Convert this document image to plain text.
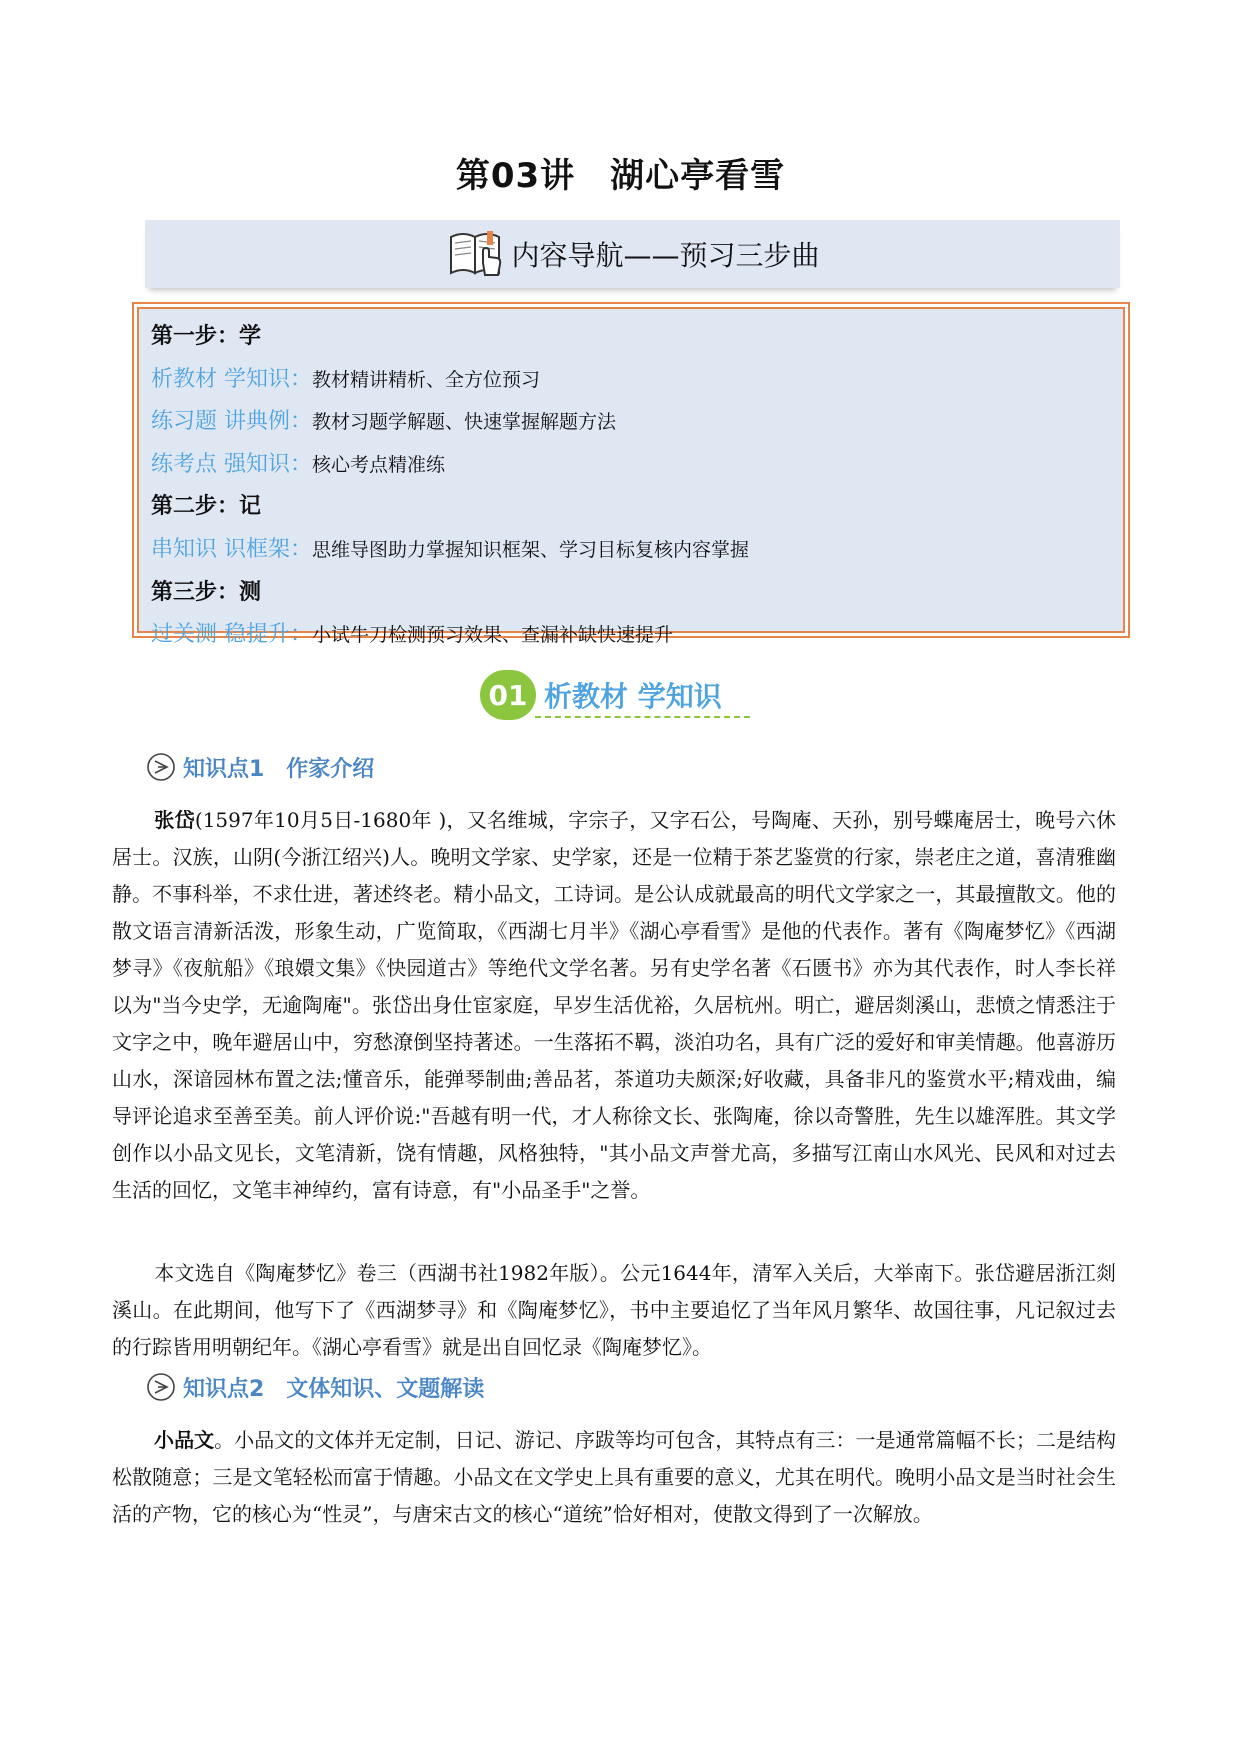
第03讲　湖心亭看雪
内容导航——预习三步曲
第一步：学
析教材 学知识：教材精讲精析、全方位预习
练习题 讲典例：教材习题学解题、快速掌握解题方法
练考点 强知识：核心考点精准练
第二步：记
串知识 识框架：思维导图助力掌握知识框架、学习目标复核内容掌握
第三步：测
过关测 稳提升：小试牛刀检测预习效果、查漏补缺快速提升
01 析教材 学知识
知识点1　作家介绍
张岱(1597年10月5日-1680年 )，又名维城，字宗子，又字石公，号陶庵、天孙，别号蝶庵居士，晚号六休居士。汉族，山阴(今浙江绍兴)人。晚明文学家、史学家，还是一位精于茶艺鉴赏的行家，崇老庄之道，喜清雅幽静。不事科举，不求仕进，著述终老。精小品文，工诗词。是公认成就最高的明代文学家之一，其最擅散文。他的散文语言清新活泼，形象生动，广览简取，《西湖七月半》《湖心亭看雪》是他的代表作。著有《陶庵梦忆》《西湖梦寻》《夜航船》《琅嬛文集》《快园道古》等绝代文学名著。另有史学名著《石匮书》亦为其代表作，时人李长祥以为"当今史学，无逾陶庵"。张岱出身仕宦家庭，早岁生活优裕，久居杭州。明亡，避居剡溪山，悲愤之情悉注于文字之中，晚年避居山中，穷愁潦倒坚持著述。一生落拓不羁，淡泊功名，具有广泛的爱好和审美情趣。他喜游历山水，深谙园林布置之法;懂音乐，能弹琴制曲;善品茗，茶道功夫颇深;好收藏，具备非凡的鉴赏水平;精戏曲，编导评论追求至善至美。前人评价说:"吾越有明一代，才人称徐文长、张陶庵，徐以奇警胜，先生以雄浑胜。其文学创作以小品文见长，文笔清新，饶有情趣，风格独特，"其小品文声誉尤高，多描写江南山水风光、民风和对过去生活的回忆，文笔丰神绰约，富有诗意，有"小品圣手"之誉。
本文选自《陶庵梦忆》卷三（西湖书社1982年版）。公元1644年，清军入关后，大举南下。张岱避居浙江剡溪山。在此期间，他写下了《西湖梦寻》和《陶庵梦忆》，书中主要追忆了当年风月繁华、故国往事，凡记叙过去的行踪皆用明朝纪年。《湖心亭看雪》就是出自回忆录《陶庵梦忆》。
知识点2　文体知识、文题解读
小品文。小品文的文体并无定制，日记、游记、序跋等均可包含，其特点有三：一是通常篇幅不长；二是结构松散随意；三是文笔轻松而富于情趣。小品文在文学史上具有重要的意义，尤其在明代。晚明小品文是当时社会生活的产物，它的核心为“性灵”，与唐宋古文的核心“道统”恰好相对，使散文得到了一次解放。
